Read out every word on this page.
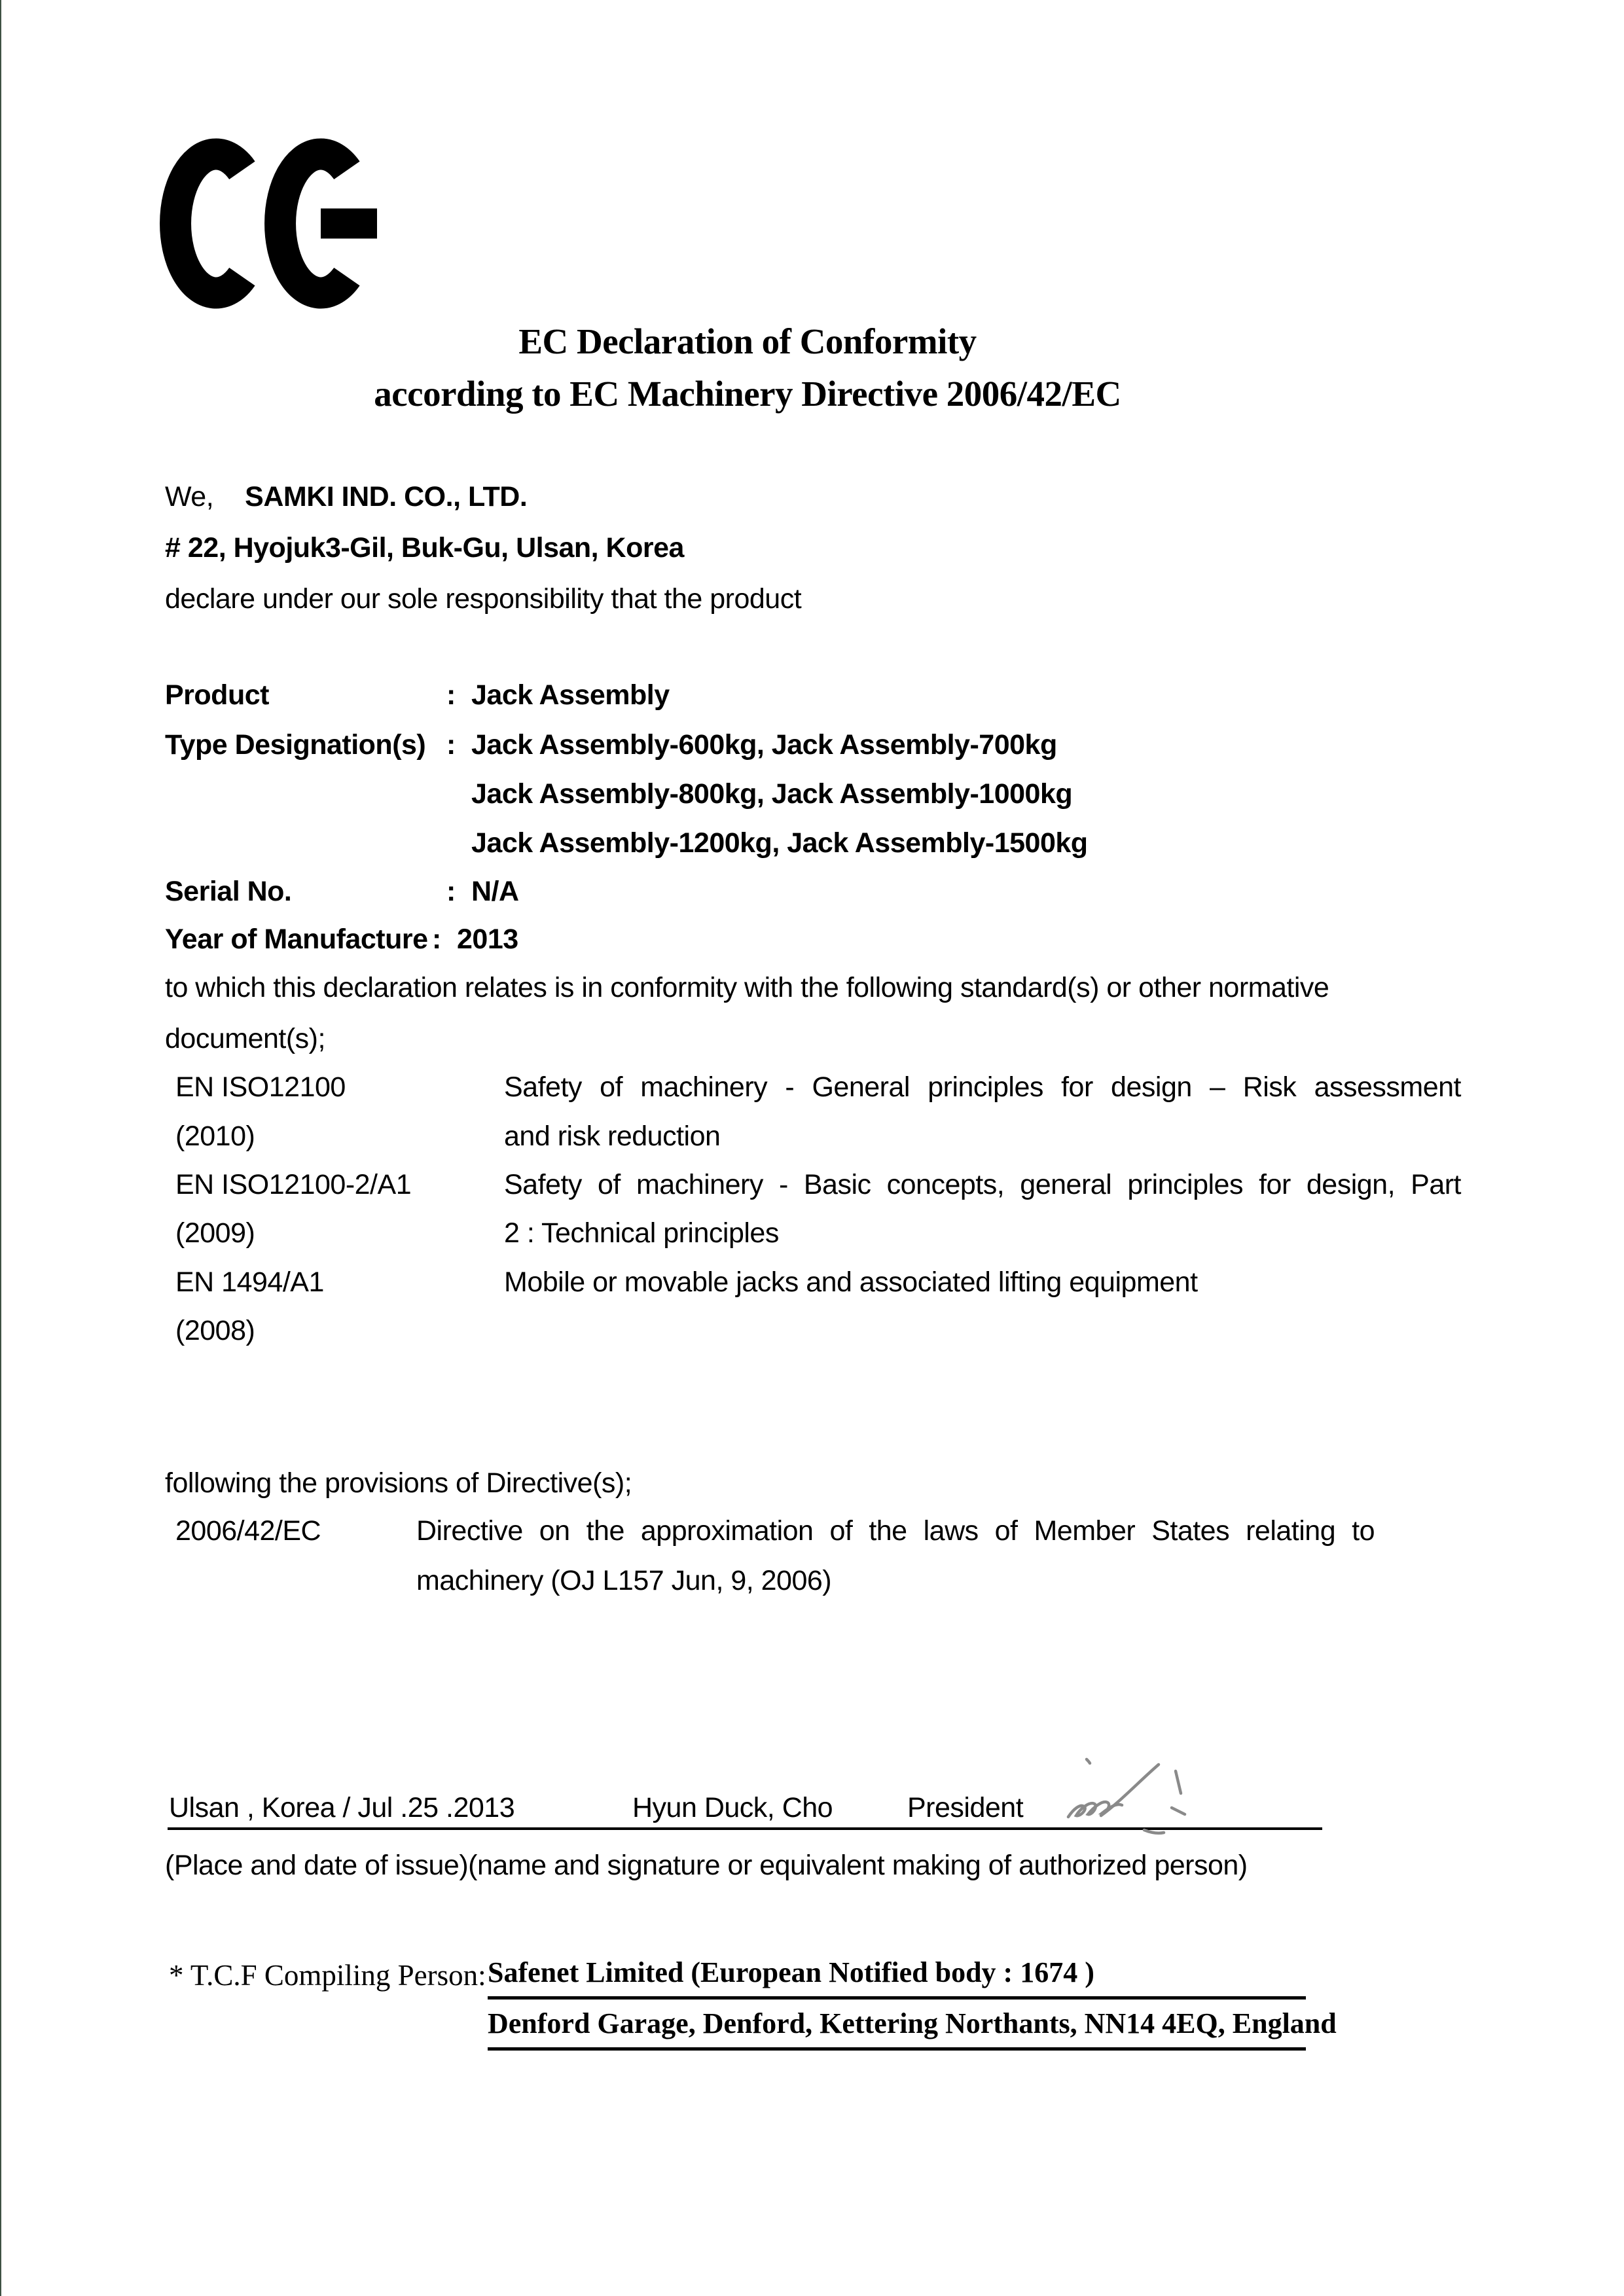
EC Declaration of Conformity
according to EC Machinery Directive 2006/42/EC
We, SAMKI IND. CO., LTD.
# 22, Hyojuk3-Gil, Buk-Gu, Ulsan, Korea
declare under our sole responsibility that the product
Product	: Jack Assembly
Type Designation(s) : Jack Assembly-600kg, Jack Assembly-700kg
Jack Assembly-800kg, Jack Assembly-1000kg
Jack Assembly-1200kg, Jack Assembly-1500kg
Serial No.	: N/A
Year of Manufacture : 2013
to which this declaration relates is in conformity with the following standard(s) or other normative
document(s);
EN ISO12100	Safety of machinery - General principles for design – Risk assessment
(2010)	and risk reduction
EN ISO12100-2/A1	Safety of machinery - Basic concepts, general principles for design, Part
(2009)	2 : Technical principles
EN 1494/A1	Mobile or movable jacks and associated lifting equipment
(2008)
following the provisions of Directive(s);
2006/42/EC	Directive on the approximation of the laws of Member States relating to
machinery (OJ L157 Jun, 9, 2006)
Ulsan , Korea / Jul .25 .2013	Hyun Duck, Cho	President
(Place and date of issue)(name and signature or equivalent making of authorized person)
* T.C.F Compiling Person: Safenet Limited (European Notified body : 1674 )
Denford Garage, Denford, Kettering Northants, NN14 4EQ, England
